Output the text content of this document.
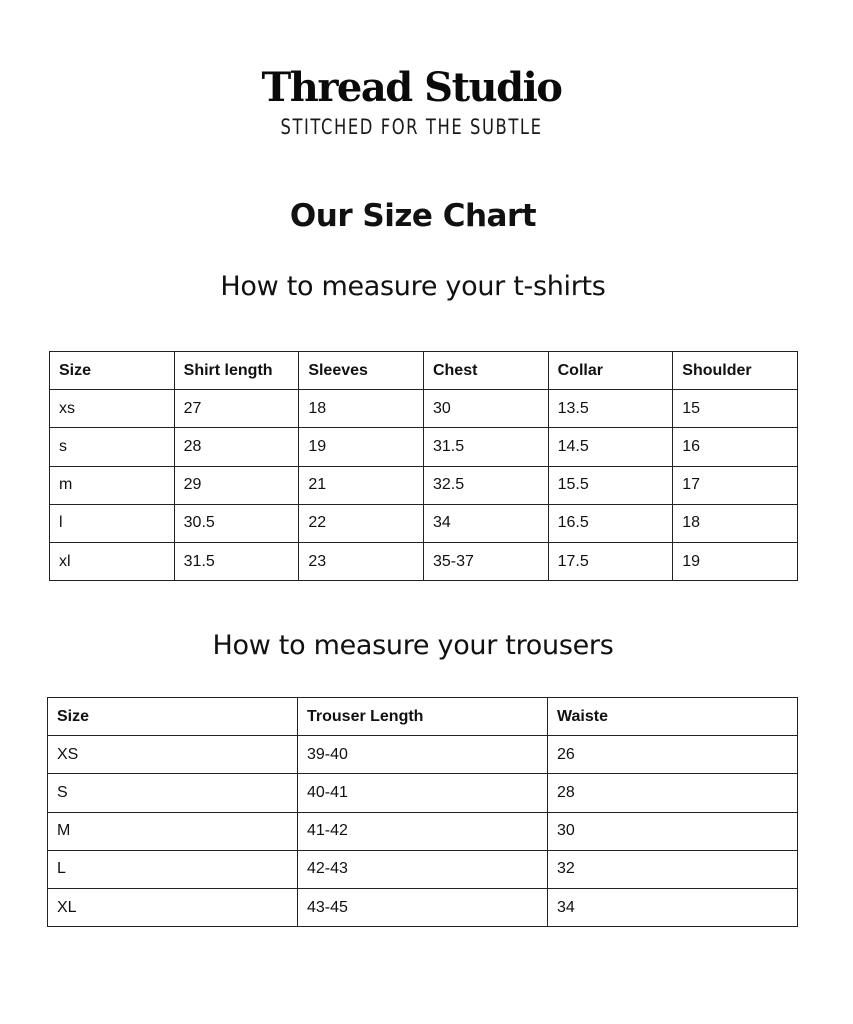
Thread Studio
STITCHED FOR THE SUBTLE
Our Size Chart
How to measure your t-shirts
Size	Shirt length	Sleeves	Chest	Collar	Shoulder
xs	27	18	30	13.5	15
s	28	19	31.5	14.5	16
m	29	21	32.5	15.5	17
l	30.5	22	34	16.5	18
xl	31.5	23	35-37	17.5	19
How to measure your trousers
Size	Trouser Length	Waiste
XS	39-40	26
S	40-41	28
M	41-42	30
L	42-43	32
XL	43-45	34
